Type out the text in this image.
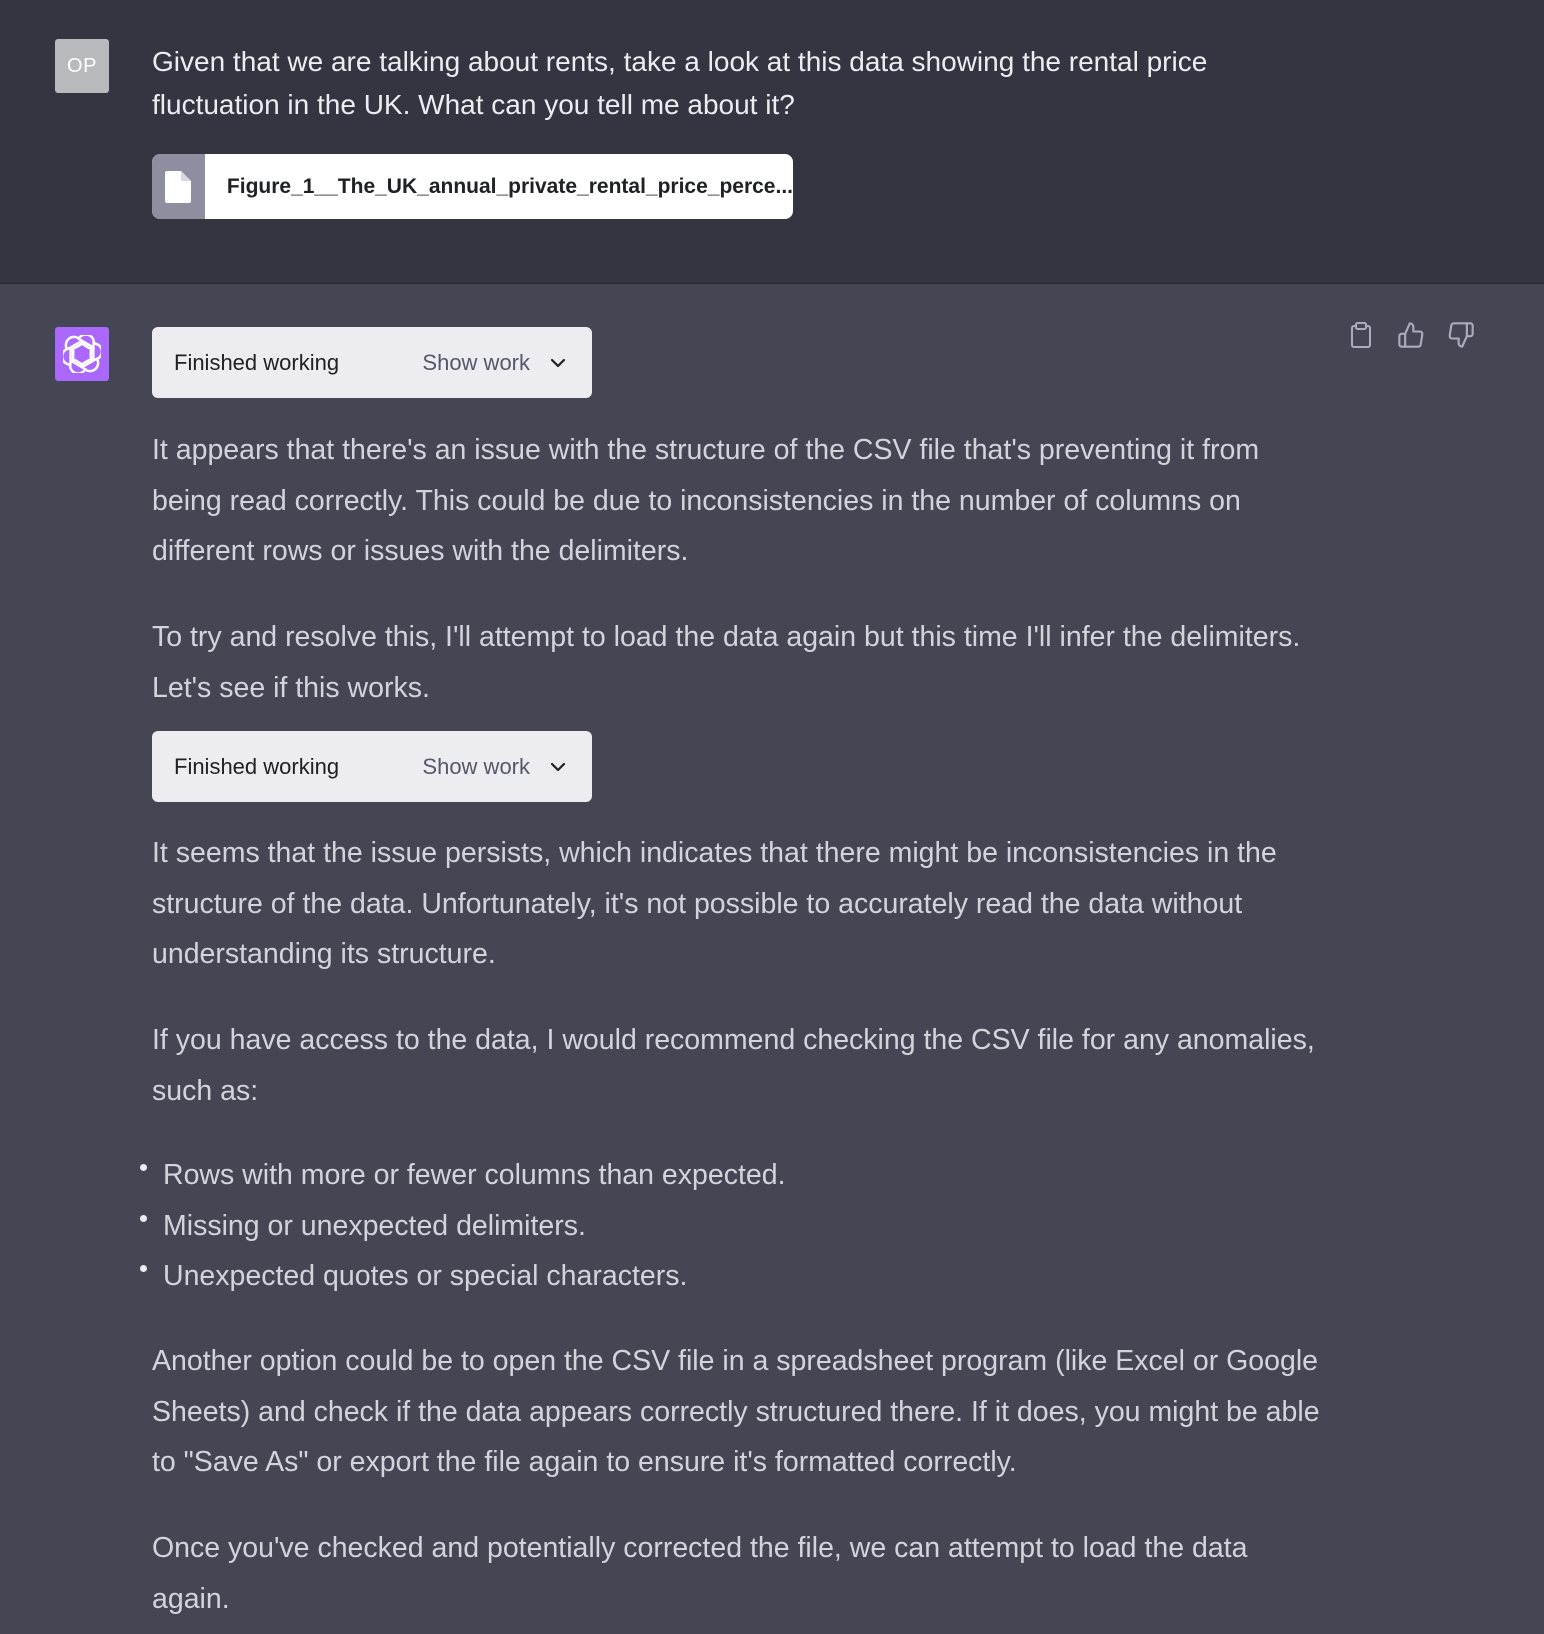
OP	Given that we are talking about rents, take a look at this data showing the rental price fluctuation in the UK. What can you tell me about it?
Figure_1__The_UK_annual_private_rental_price_perce...
Finished working	Show work
It appears that there's an issue with the structure of the CSV file that's preventing it from being read correctly. This could be due to inconsistencies in the number of columns on different rows or issues with the delimiters.
To try and resolve this, I'll attempt to load the data again but this time I'll infer the delimiters. Let's see if this works.
Finished working	Show work
It seems that the issue persists, which indicates that there might be inconsistencies in the structure of the data. Unfortunately, it's not possible to accurately read the data without understanding its structure.
If you have access to the data, I would recommend checking the CSV file for any anomalies, such as:
Rows with more or fewer columns than expected.
Missing or unexpected delimiters.
Unexpected quotes or special characters.
Another option could be to open the CSV file in a spreadsheet program (like Excel or Google Sheets) and check if the data appears correctly structured there. If it does, you might be able to "Save As" or export the file again to ensure it's formatted correctly.
Once you've checked and potentially corrected the file, we can attempt to load the data again.
